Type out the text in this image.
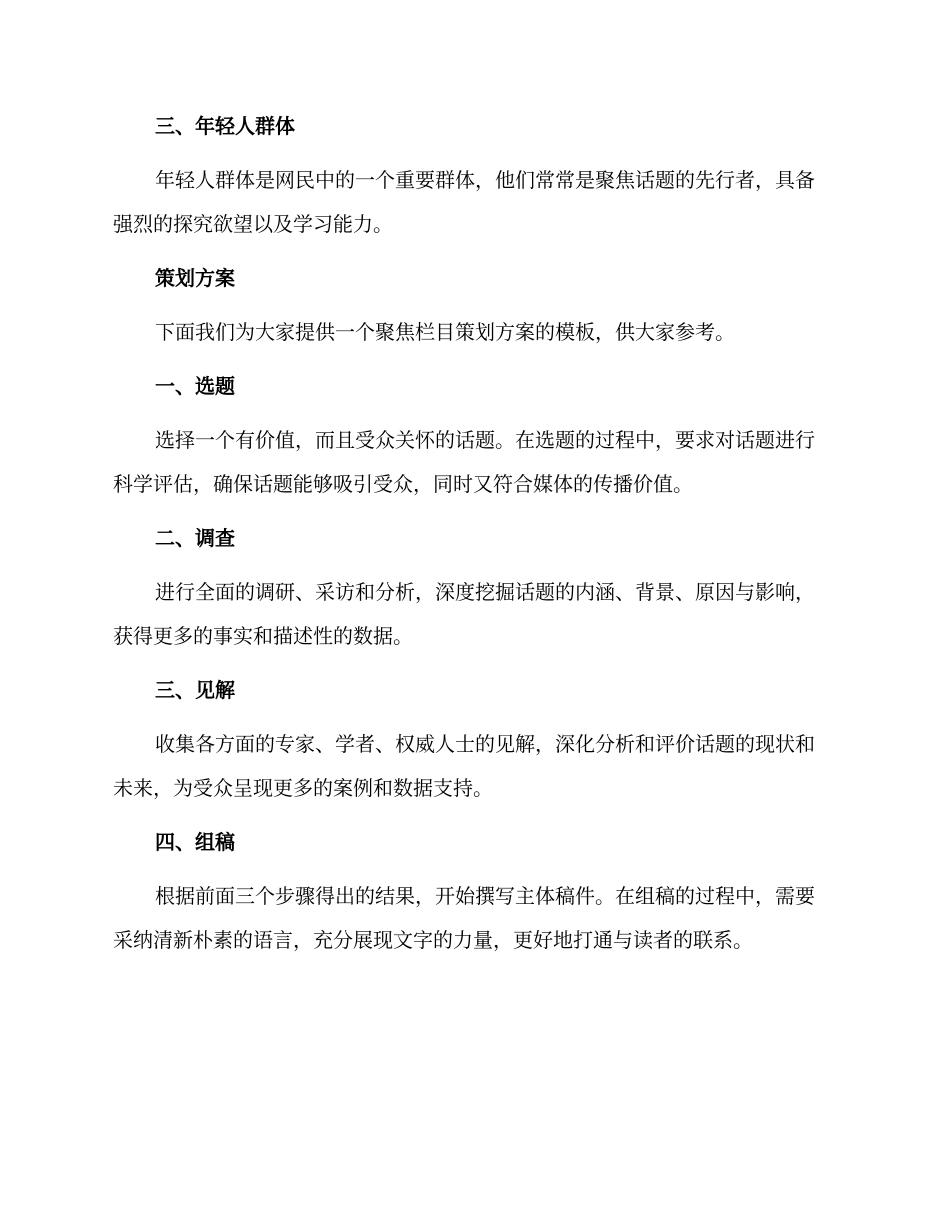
三、年轻人群体

年轻人群体是网民中的一个重要群体，他们常常是聚焦话题的先行者，具备强烈的探究欲望以及学习能力。

策划方案

下面我们为大家提供一个聚焦栏目策划方案的模板，供大家参考。

一、选题

选择一个有价值，而且受众关怀的话题。在选题的过程中，要求对话题进行科学评估，确保话题能够吸引受众，同时又符合媒体的传播价值。

二、调查

进行全面的调研、采访和分析，深度挖掘话题的内涵、背景、原因与影响，获得更多的事实和描述性的数据。

三、见解

收集各方面的专家、学者、权威人士的见解，深化分析和评价话题的现状和未来，为受众呈现更多的案例和数据支持。

四、组稿

根据前面三个步骤得出的结果，开始撰写主体稿件。在组稿的过程中，需要采纳清新朴素的语言，充分展现文字的力量，更好地打通与读者的联系。
